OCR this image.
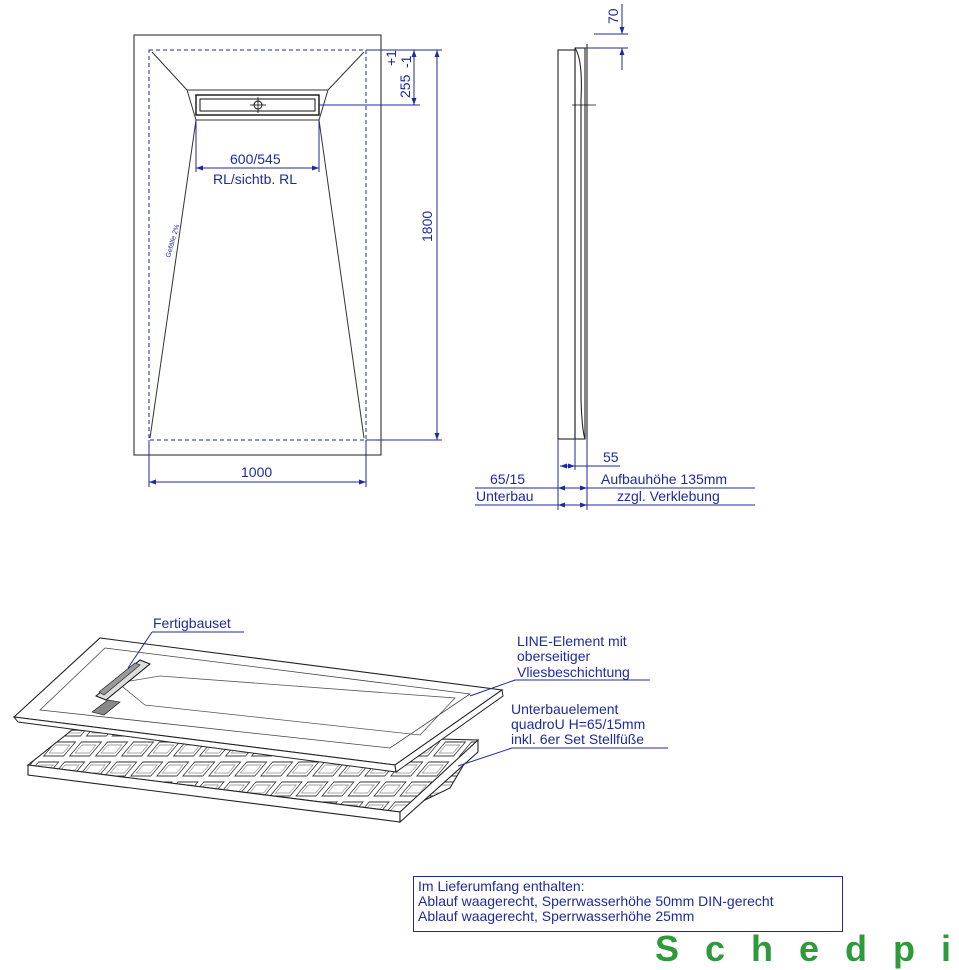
600/545
RL/sichtb. RL
Gefälle 2%
1000
1800
255
+1 -1
70
55
65/15
Unterbau
Aufbauhöhe 135mm
zzgl. Verklebung
Fertigbauset
LINE-Element mit
oberseitiger
Vliesbeschichtung
Unterbauelement
quadroU H=65/15mm
inkl. 6er Set Stellfüße
Im Lieferumfang enthalten:
Ablauf waagerecht, Sperrwasserhöhe 50mm DIN-gerecht
Ablauf waagerecht, Sperrwasserhöhe 25mm
S c h e d p i
